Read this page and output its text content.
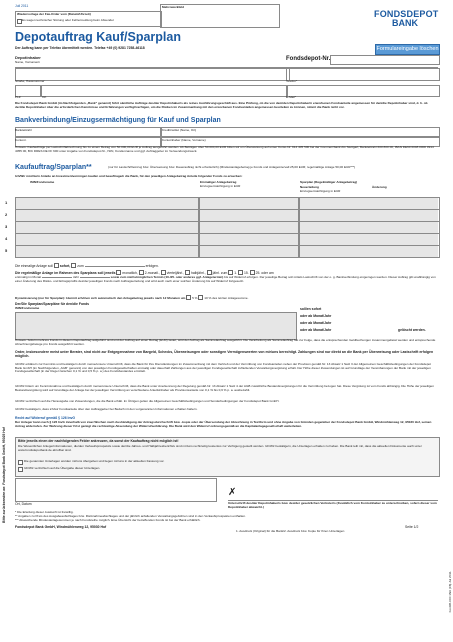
Bitte zurücksenden an: Fondsdepot Bank GmbH, 95025 Hof
FonDB-000 1N6 (15) Jul 2011
Juli 2011
Wiedervorlage der Fax-Order vom (Datum/Uhrzeit)
Es wegen technischer Störung oder Fehlermeldung beim Absender
Mehrzweckfeld
FONDSDEPOT
BANK
Depotauftrag Kauf/Sparplan
Der Auftrag kann per Telefax übermittelt werden. Telefax +49 (0) 9281 7258-46118	Formulareingabe löschen
Depotinhaber
Name, Vorname/n	Fondsdepot-Nr.
Straße, Hausnummer	Telefon*
PLZ	Ort	E-Mail*
Die Fondsdepot Bank GmbH (im Nachfolgenden „Bank“ genannt) führt sämtliche Aufträge des/der Depotinhaber/s als reines Ausführungsgeschäft aus. Eine Prüfung, ob die von dem/den Depotinhaber/n erworbenen Fondsanteile angemessen für den/die Depotinhaber sind, d. h. ob der/die Depotinhaber über die erforderlichen Kenntnisse und Erfahrungen verfügt/verfügen, um die Risiken im Zusammenhang mit den erworbenen Fondsanteilen angemessen beurteilen zu können, nimmt die Bank nicht vor.
Bankverbindung/Einzugsermächtigung für Kauf und Sparplan
Bankleitzahl	Kreditinstitut (Name, Ort)
Kontonr.	Kontoinhaber (Name, Vorname)
Hinweis: Kaufaufträge per Lastschriftabrechnung bis zu einem Betrag von 50.000,00 EUR je Auftrag ausgeführt werden. Ab Beträgen über 50.000,00 EUR bitten wir um Überweisung auf unser Konto-Nr. 914 405 500 bei der Commerzbank AG Stuttgart, Bankleitzahl 600 800 00, IBAN DE60 6008 0000 0914 4055 00, BIC DRES DE FF 600 unter Angabe von Fondsdepot-Nr., ISIN, Kundenname und ggf. Auftraggeber im Verwendungszweck.
Kaufauftrag/Sparplan**	(nur für Lastschrifteinzug bzw. Überweisung bzw. Dauerauftrag nicht erforderlich) (Mindestanlagebetrag je Fonds und Anlageintervall 25,00 EUR; regelmäßige Anlage 50,00 EUR***)
Ich/Wir möchte/n Anteile an Investmentvermögen kaufen und beauftrage/n die Bank, für den jeweiligen Anlagebetrag Anteile folgender Fonds zu erwerben:
ISIN/Fondsname	Einmaliger Anlagebetrag
Einzugsermächtigung in EUR
Sparplan (Regelmäßiger Anlagebetrag)
Neuerteilung	Änderung
Einzugsermächtigung in EUR
1
2
3
4
5
Die einmalige Anlage soll sofort, zum	erfolgen.
Die regelmäßige Anlage im Rahmen des Sparplans soll jeweils monatlich, 2-monatl., vierteljährl., halbjährl., jährl. zum 1. 15. 25. oder am
erstmalig im Monat	Jahr	sowie zum nächstmöglichen Termin (10./25. oder anderes ggf. Anlagetermin) bis auf Widerruf erfolgen. Der jeweilige Betrag soll mittels Lastschrift von der o. g. Bankverbindung eingezogen werden. Dieser Auftrag gilt unabhängig von einer Änderung des Risiko- und Ertragsprofils des/der jeweiligen Fonds nach Auftragserteilung und wird auch nach einer solchen Änderung bis auf Widerruf fortgesetzt.
Dynamisierung (nur für Sparplan): Hiermit erhöhen sich automatisch den Anlagebetrag jeweils nach 12 Monaten um 5 % 10 % des letzten Anlagesumme.
Der/Die Sparplan/Sparpläne für den/die Fonds
ISIN/Fondsname	soll/en sofort
oder ab Monat/Jahr
oder ab Monat/Jahr
oder ab Monat/Jahr	gelöscht werden.
Hinweis: Sofern mehrere Fonds in diesem Depotauftrag aufgeführt sind und der Auftrag auf einen Betrag (EUR) lautet, wird der Auftrag als Sammelauftrag ausgeführt. Die Verarbeitung als Sammelauftrag hat zur Folge, dass die entsprechenden Geldbuchungen zusammengefasst werden und entsprechende Abrechnungsbelege pro Fonds ausgeführt werden.
Order, insbesondere meist unter Berater, sind nicht zur Entgegennahme von Bargeld, Schecks, Überweisungen oder sonstigen Vermögenswerten von mir/uns berechtigt. Zahlungen sind nur direkt an die Bank per Überweisung oder Lastschrift erfolgen möglich.
Ich/Wir erkläre/n zur Kenntnis und bestätige/n durch meine/unsere Unterschrift, dass die Bank für ihre Dienstleistungen im Zusammenhang mit dem Vertrieb und der Vermittlung von Fondsanteilen neben der Provision gemäß Nr. 13 Absatz 1 Satz 3 der Allgemeinen Geschäftsbedingungen der Fondsdepot Bank GmbH (im Nachfolgenden „AGB“ genannt) von den jeweiligen Fondsgesellschaften einmalig oder dauerhaft Zahlungen aus der jeweiligen Fondsgesellschaft zufließenden Verwaltungsvergütung erhält. Der Höhe dieser Zuwendungen ist auf Grundlage der Vereinbarungen der Bank mit der jeweiligen Fondsgesellschaft (in der Regel zwischen 0,1 % und 0,5 % p. a.) des Fondsbestandes ermittelt.
Ich/Wir bitte/n um Kenntnisnahme und bestätige/n durch meine/unsere Unterschrift, dass die Bank unter Anerkennung der Regelung gemäß Nr. 13 Absatz 1 Satz 4 der AGB zusätzliche Bestandsvergütungen für die Vermittlung bezogen hat. Diese Vergütung ist vom Fonds abhängig. Die Höhe der jeweiligen Bestandsvergütung wird auf Grundlage der Anlage bei der jeweiligen Vermittlung an verschiedene Anteilsinhaber als Provisionsanteile von 0,1 % bis 0,6 % p. a. ausbezahlt.
Ich/Wir verzichte/n auf die Herausgabe von Zuwendungen, die die Bank erhält. Im Übrigen gelten die Allgemeinen Geschäftsbedingungen und Sonderbedingungen der Fondsdepot Bank GmbH.
Ich/Wir bestätige/n, dass ich/wir Fondsanteile über den Auftraggeber bei Bedarf mit den vorgenannten Informationen erhalten habe/n.
Recht auf Widerruf gemäß § 126 InvG
Der Anleger kann nach § 126 InvG innerhalb von zwei Wochen nach Aushändigung der Antragsdurchschrift bzw. -kopie oder der Übersendung der Abrechnung in Textform und ohne Angabe von Gründen gegenüber der Fondsdepot Bank GmbH, Windmühlenweg 12, 95030 Hof, seinen Antrag widerrufen. Zur Wahrung dieser Frist genügt die rechtzeitige Absendung der Widerrufserklärung. Die Bank wird den Widerruf ordnungsgemäß an die Kapitalanlagegesellschaft weiterleiten.
Bitte jeweils einen der nachfolgenden Felder ankreuzen, da sonst der Kaufauftrag nicht möglich ist!
Die Wesentlichen Anlegerinformationen, die/den Verkaufsprospekt/e sowie der/die Jahres- und Halbjahresbericht/e sind mir/uns rechtzeitig kostenlos zur Verfügung gestellt worden. Ich/Wir bestätige/n, die Unterlagen erhalten zu haben. Die Bank teilt mit, dass die aktuellen Dokumente auch unter www.fondsdepotbank.de abrufbar sind.
Die genannten Unterlagen wurden mir/uns übergeben und liegen mir/uns in der aktuellen Fassung vor.
Ich/Wir verzichte/n auf die Übergabe dieser Unterlagen.
Ort, Datum
✗
Unterschrift des/der Depotinhaber/s bzw. des/der gesetzlichen Vertreter/s (Zusätzlich vom Kontoinhaber zu unterschreiben, sofern dieser vom Depotinhaber abweicht.)
* Die Erteilung dieser Auskunft ist freiwillig.
** Angaben zu Preis des Ausgabeaufschlages bzw. Rücknahmeabschlages und der jährlich anfallenden Verwaltungsgebühren sind in den Verkaufsprospekten enthalten.
*** Abweichende Mindestanlagesummen je nach Fondsreihe möglich. Eine Übersicht der betreffenden Fonds ist bei der Bank erhältlich.
Fondsdepot Bank GmbH, Windmühlenweg 12, 95030 Hof	Seite 1/2
1. Ausdruck (Original) für die Bank/2. Ausdruck bzw. Kopie für Ihren Unterlagen
